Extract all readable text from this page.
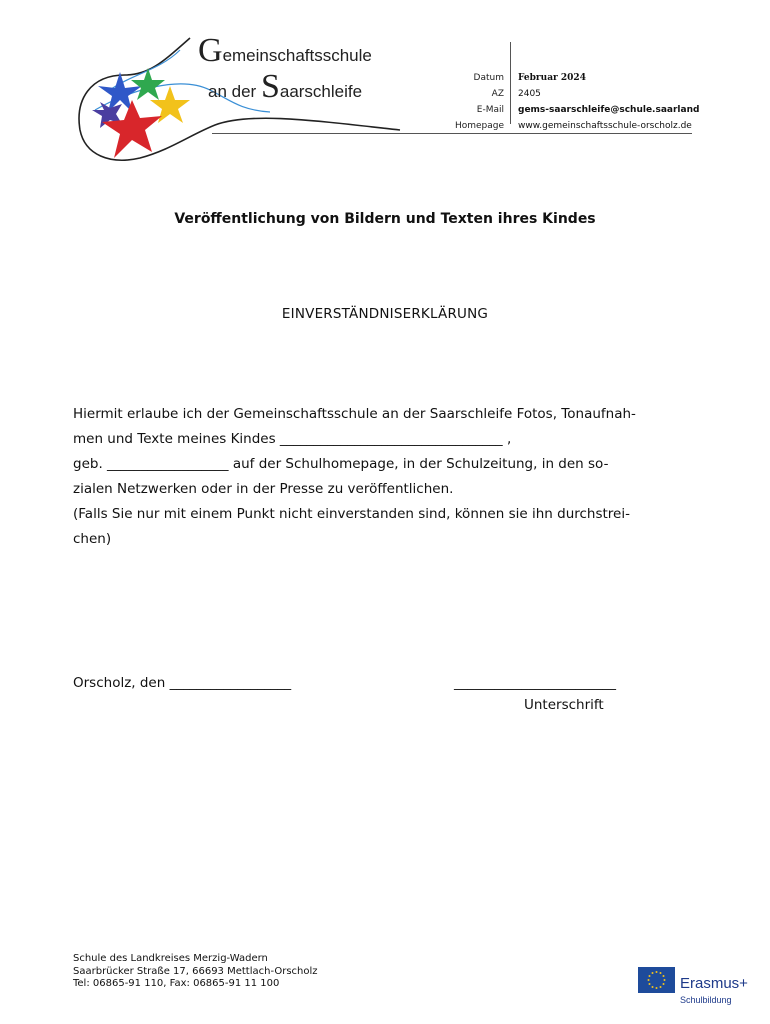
Gemeinschaftsschule
an der Saarschleife
Datum
AZ
E-Mail
Homepage
Februar 2024
2405
gems-saarschleife@schule.saarland
www.gemeinschaftsschule-orscholz.de
Veröffentlichung von Bildern und Texten ihres Kindes
EINVERSTÄNDNISERKLÄRUNG

Hiermit erlaube ich der Gemeinschaftsschule an der Saarschleife Fotos, Tonaufnah-

men und Texte meines Kindes _________________________________ ,

geb. __________________ auf der Schulhomepage, in der Schulzeitung, in den so-

zialen Netzwerken oder in der Presse zu veröffentlichen.

(Falls Sie nur mit einem Punkt nicht einverstanden sind, können sie ihn durchstrei-

chen)

Orscholz, den __________________	________________________
Unterschrift
Schule des Landkreises Merzig-Wadern
Saarbrücker Straße 17, 66693 Mettlach-Orscholz
Tel: 06865-91 110, Fax: 06865-91 11 100	Erasmus+
Schulbildung
